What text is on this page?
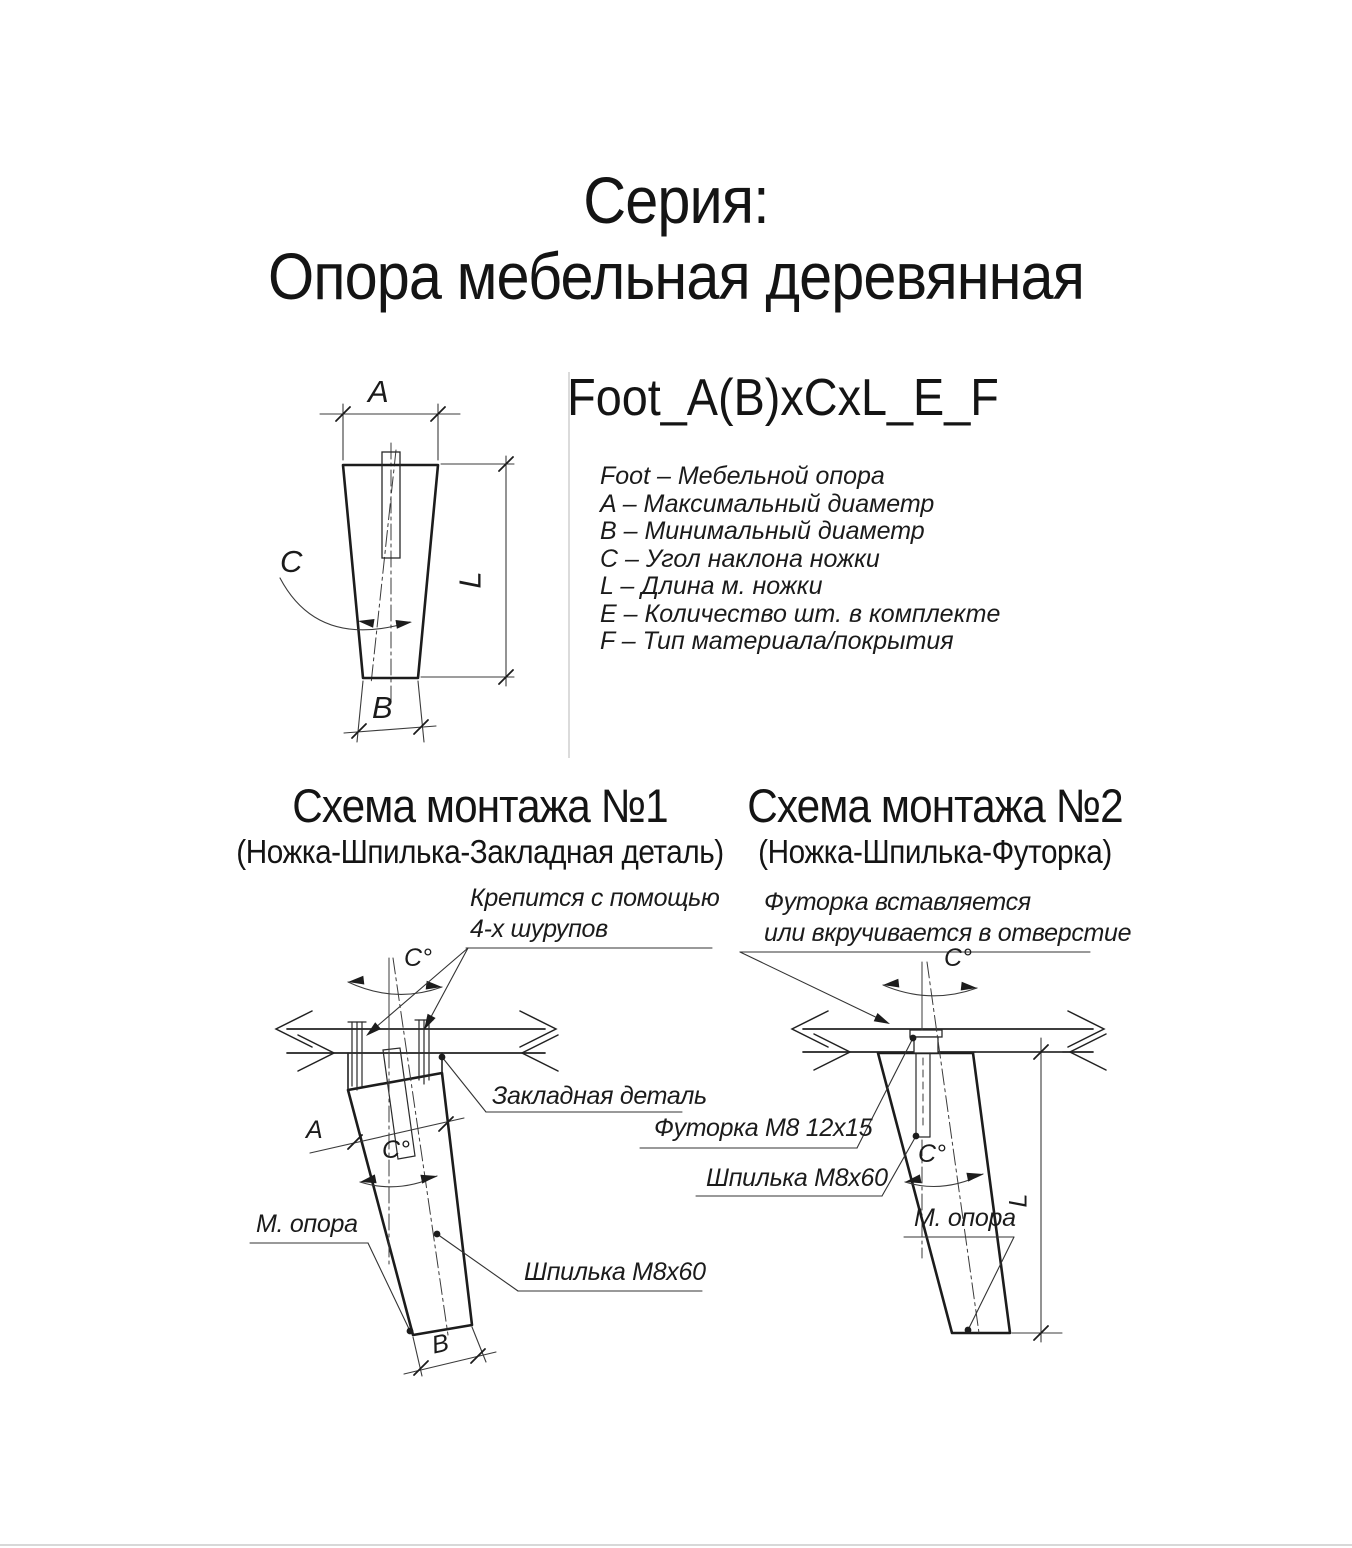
Серия:
Опора мебельная деревянная
Foot_A(B)xCxL_E_F
Foot – Мебельной опора
A – Максимальный диаметр
B – Минимальный диаметр
C – Угол наклона ножки
L – Длина м. ножки
E – Количество шт. в комплекте
F – Тип материала/покрытия
A
C
L
B
Схема монтажа №1
(Ножка-Шпилька-Закладная деталь)
Схема монтажа №2
(Ножка-Шпилька-Футорка)
Крепится с помощью
4-х шурупов
Закладная деталь
М. опора
Шпилька М8х60
C°
A
C°
B
Футорка вставляется
или вкручивается в отверстие
Футорка М8 12х15
Шпилька М8х60
М. опора
C°
C°
L
